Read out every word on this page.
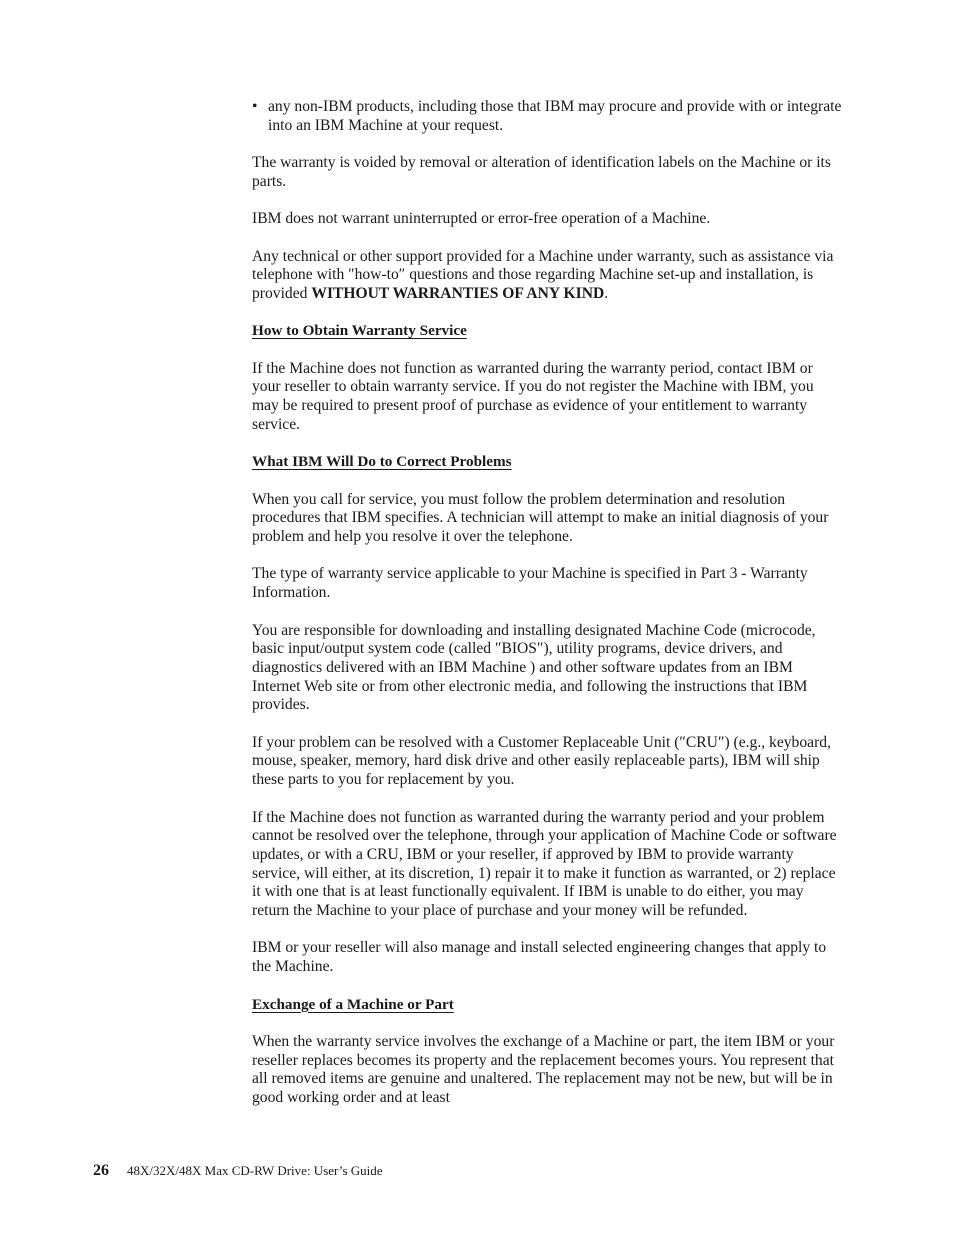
• any non-IBM products, including those that IBM may procure and provide with or integrate into an IBM Machine at your request.

The warranty is voided by removal or alteration of identification labels on the Machine or its parts.

IBM does not warrant uninterrupted or error-free operation of a Machine.

Any technical or other support provided for a Machine under warranty, such as assistance via telephone with ″how-to″ questions and those regarding Machine set-up and installation, is provided WITHOUT WARRANTIES OF ANY KIND.

How to Obtain Warranty Service

If the Machine does not function as warranted during the warranty period, contact IBM or your reseller to obtain warranty service. If you do not register the Machine with IBM, you may be required to present proof of purchase as evidence of your entitlement to warranty service.

What IBM Will Do to Correct Problems

When you call for service, you must follow the problem determination and resolution procedures that IBM specifies. A technician will attempt to make an initial diagnosis of your problem and help you resolve it over the telephone.

The type of warranty service applicable to your Machine is specified in Part 3 - Warranty Information.

You are responsible for downloading and installing designated Machine Code (microcode, basic input/output system code (called ″BIOS″), utility programs, device drivers, and diagnostics delivered with an IBM Machine ) and other software updates from an IBM Internet Web site or from other electronic media, and following the instructions that IBM provides.

If your problem can be resolved with a Customer Replaceable Unit (″CRU″) (e.g., keyboard, mouse, speaker, memory, hard disk drive and other easily replaceable parts), IBM will ship these parts to you for replacement by you.

If the Machine does not function as warranted during the warranty period and your problem cannot be resolved over the telephone, through your application of Machine Code or software updates, or with a CRU, IBM or your reseller, if approved by IBM to provide warranty service, will either, at its discretion, 1) repair it to make it function as warranted, or 2) replace it with one that is at least functionally equivalent. If IBM is unable to do either, you may return the Machine to your place of purchase and your money will be refunded.

IBM or your reseller will also manage and install selected engineering changes that apply to the Machine.

Exchange of a Machine or Part

When the warranty service involves the exchange of a Machine or part, the item IBM or your reseller replaces becomes its property and the replacement becomes yours. You represent that all removed items are genuine and unaltered. The replacement may not be new, but will be in good working order and at least

26 48X/32X/48X Max CD-RW Drive: User’s Guide
